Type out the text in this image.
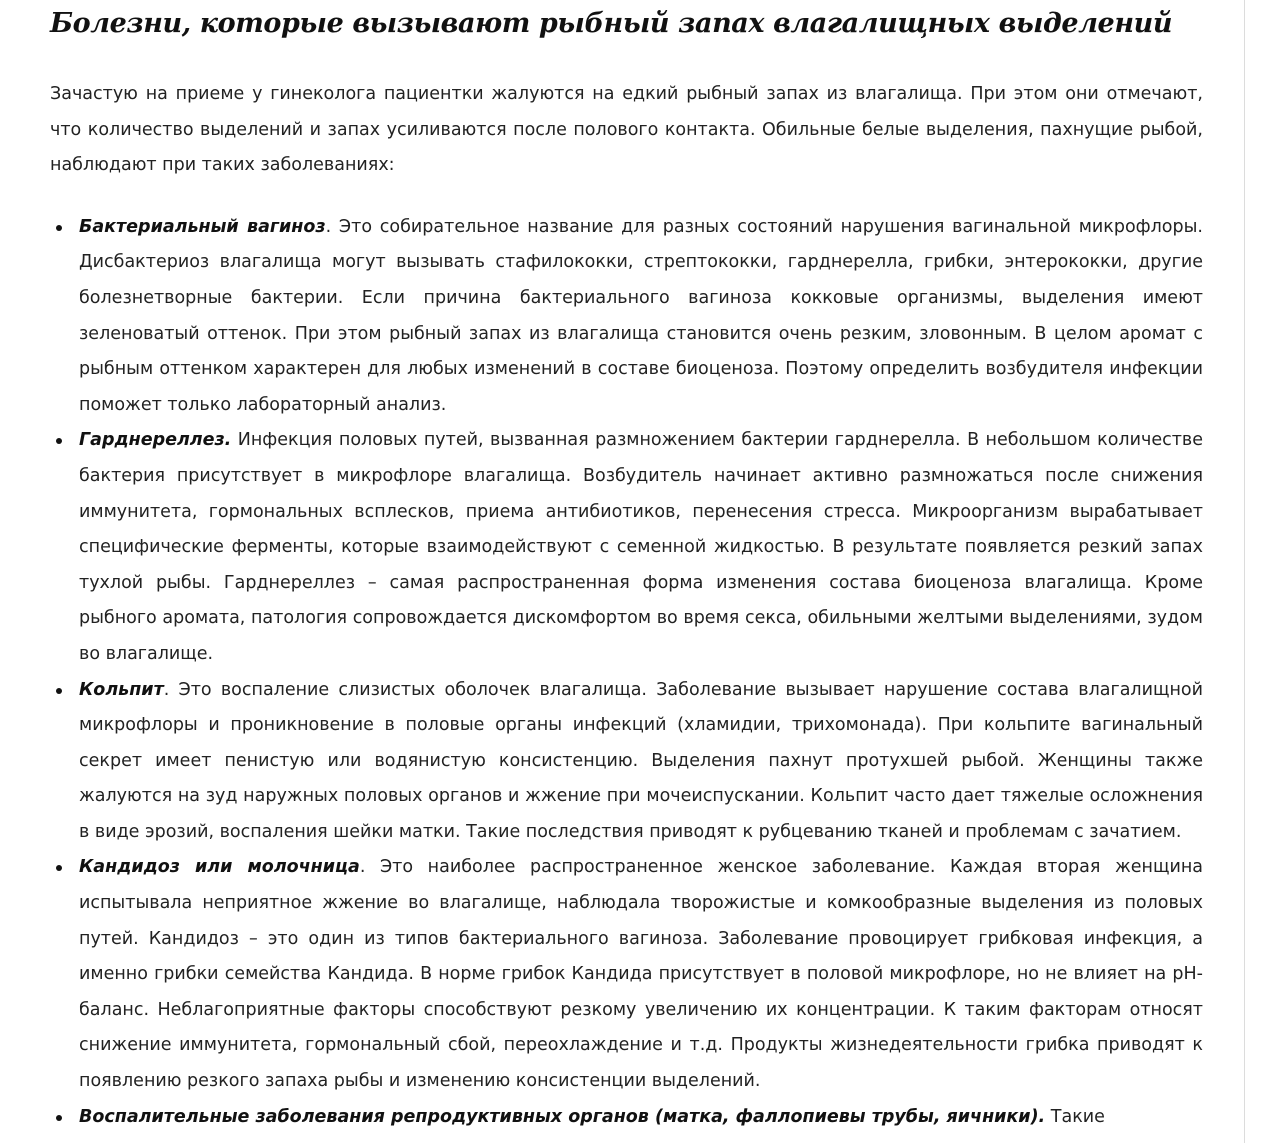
Болезни, которые вызывают рыбный запах влагалищных выделений

Зачастую на приеме у гинеколога пациентки жалуются на едкий рыбный запах из влагалища. При этом они отмечают, что количество выделений и запах усиливаются после полового контакта. Обильные белые выделения, пахнущие рыбой, наблюдают при таких заболеваниях:

Бактериальный вагиноз. Это собирательное название для разных состояний нарушения вагинальной микрофлоры. Дисбактериоз влагалища могут вызывать стафилококки, стрептококки, гарднерелла, грибки, энтерококки, другие болезнетворные бактерии. Если причина бактериального вагиноза кокковые организмы, выделения имеют зеленоватый оттенок. При этом рыбный запах из влагалища становится очень резким, зловонным. В целом аромат с рыбным оттенком характерен для любых изменений в составе биоценоза. Поэтому определить возбудителя инфекции поможет только лабораторный анализ.
Гарднереллез. Инфекция половых путей, вызванная размножением бактерии гарднерелла. В небольшом количестве бактерия присутствует в микрофлоре влагалища. Возбудитель начинает активно размножаться после снижения иммунитета, гормональных всплесков, приема антибиотиков, перенесения стресса. Микроорганизм вырабатывает специфические ферменты, которые взаимодействуют с семенной жидкостью. В результате появляется резкий запах тухлой рыбы. Гарднереллез – самая распространенная форма изменения состава биоценоза влагалища. Кроме рыбного аромата, патология сопровождается дискомфортом во время секса, обильными желтыми выделениями, зудом во влагалище.
Кольпит. Это воспаление слизистых оболочек влагалища. Заболевание вызывает нарушение состава влагалищной микрофлоры и проникновение в половые органы инфекций (хламидии, трихомонада). При кольпите вагинальный секрет имеет пенистую или водянистую консистенцию. Выделения пахнут протухшей рыбой. Женщины также жалуются на зуд наружных половых органов и жжение при мочеиспускании. Кольпит часто дает тяжелые осложнения в виде эрозий, воспаления шейки матки. Такие последствия приводят к рубцеванию тканей и проблемам с зачатием.
Кандидоз или молочница. Это наиболее распространенное женское заболевание. Каждая вторая женщина испытывала неприятное жжение во влагалище, наблюдала творожистые и комкообразные выделения из половых путей. Кандидоз – это один из типов бактериального вагиноза. Заболевание провоцирует грибковая инфекция, а именно грибки семейства Кандида. В норме грибок Кандида присутствует в половой микрофлоре, но не влияет на pH-баланс. Неблагоприятные факторы способствуют резкому увеличению их концентрации. К таким факторам относят снижение иммунитета, гормональный сбой, переохлаждение и т.д. Продукты жизнедеятельности грибка приводят к появлению резкого запаха рыбы и изменению консистенции выделений.
Воспалительные заболевания репродуктивных органов (матка, фаллопиевы трубы, яичники). Такие
